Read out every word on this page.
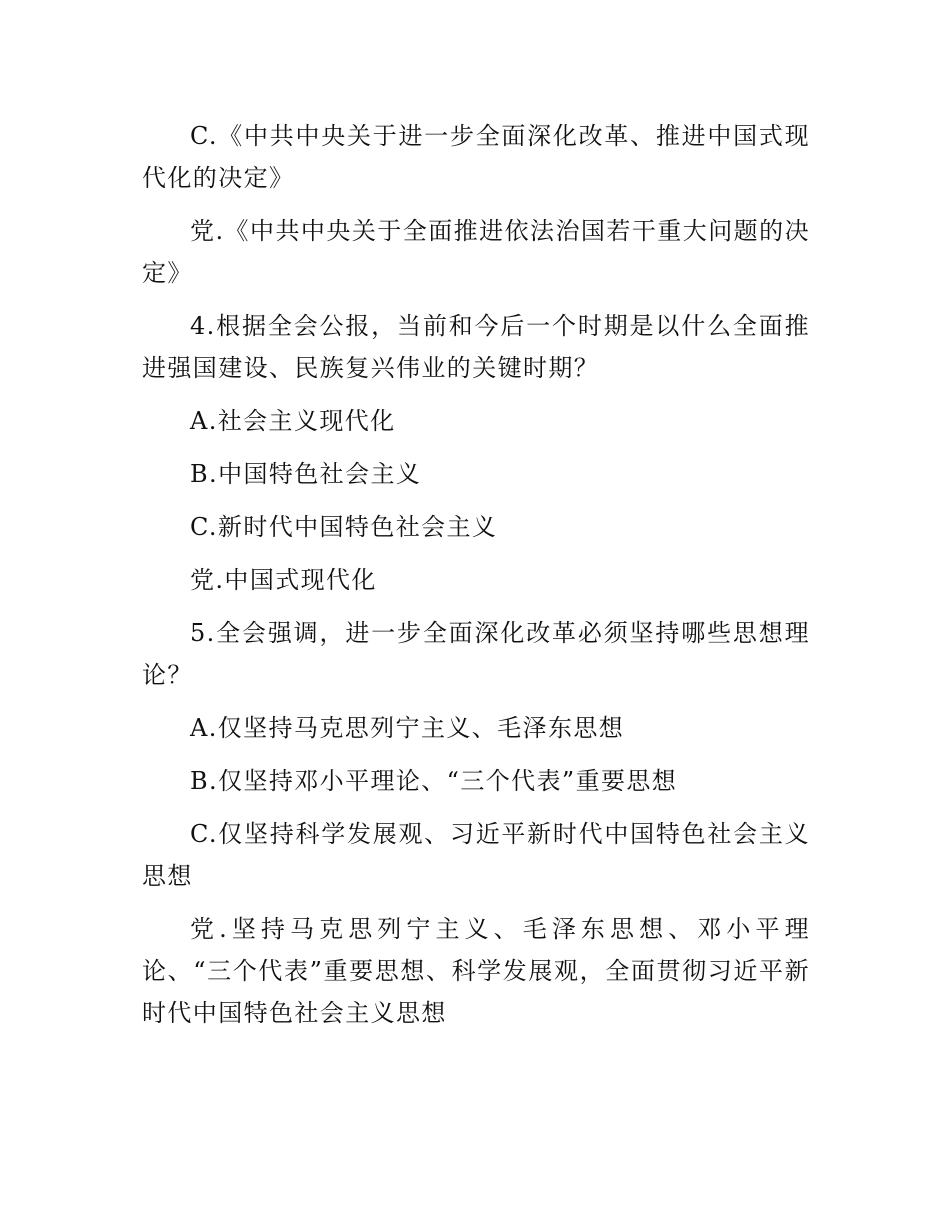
C.《中共中央关于进一步全面深化改革、推进中国式现代化的决定》

党.《中共中央关于全面推进依法治国若干重大问题的决定》

4.根据全会公报，当前和今后一个时期是以什么全面推进强国建设、民族复兴伟业的关键时期？

A.社会主义现代化

B.中国特色社会主义

C.新时代中国特色社会主义

党.中国式现代化

5.全会强调，进一步全面深化改革必须坚持哪些思想理论？

A.仅坚持马克思列宁主义、毛泽东思想

B.仅坚持邓小平理论、“三个代表”重要思想

C.仅坚持科学发展观、习近平新时代中国特色社会主义思想

党.坚持马克思列宁主义、毛泽东思想、邓小平理论、“三个代表”重要思想、科学发展观，全面贯彻习近平新时代中国特色社会主义思想
